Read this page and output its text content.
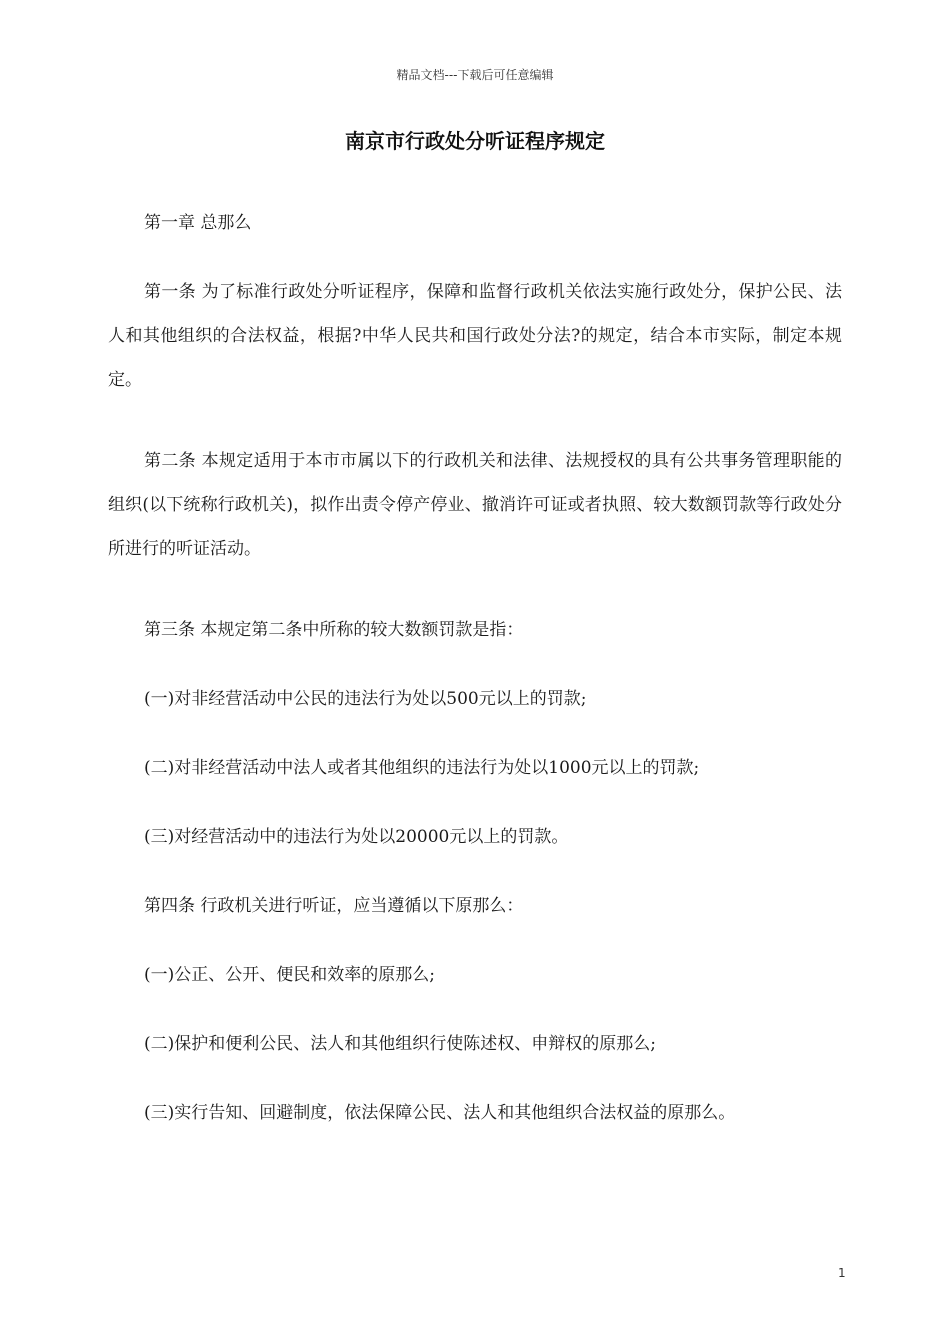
精品文档---下载后可任意编辑
南京市行政处分听证程序规定

第一章 总那么

第一条 为了标准行政处分听证程序，保障和监督行政机关依法实施行政处分，保护公民、法人和其他组织的合法权益，根据?中华人民共和国行政处分法?的规定，结合本市实际，制定本规定。

第二条 本规定适用于本市市属以下的行政机关和法律、法规授权的具有公共事务管理职能的组织(以下统称行政机关)，拟作出责令停产停业、撤消许可证或者执照、较大数额罚款等行政处分所进行的听证活动。

第三条 本规定第二条中所称的较大数额罚款是指：

(一)对非经营活动中公民的违法行为处以500元以上的罚款;

(二)对非经营活动中法人或者其他组织的违法行为处以1000元以上的罚款;

(三)对经营活动中的违法行为处以20000元以上的罚款。

第四条 行政机关进行听证，应当遵循以下原那么：

(一)公正、公开、便民和效率的原那么;

(二)保护和便利公民、法人和其他组织行使陈述权、申辩权的原那么;

(三)实行告知、回避制度，依法保障公民、法人和其他组织合法权益的原那么。

1
